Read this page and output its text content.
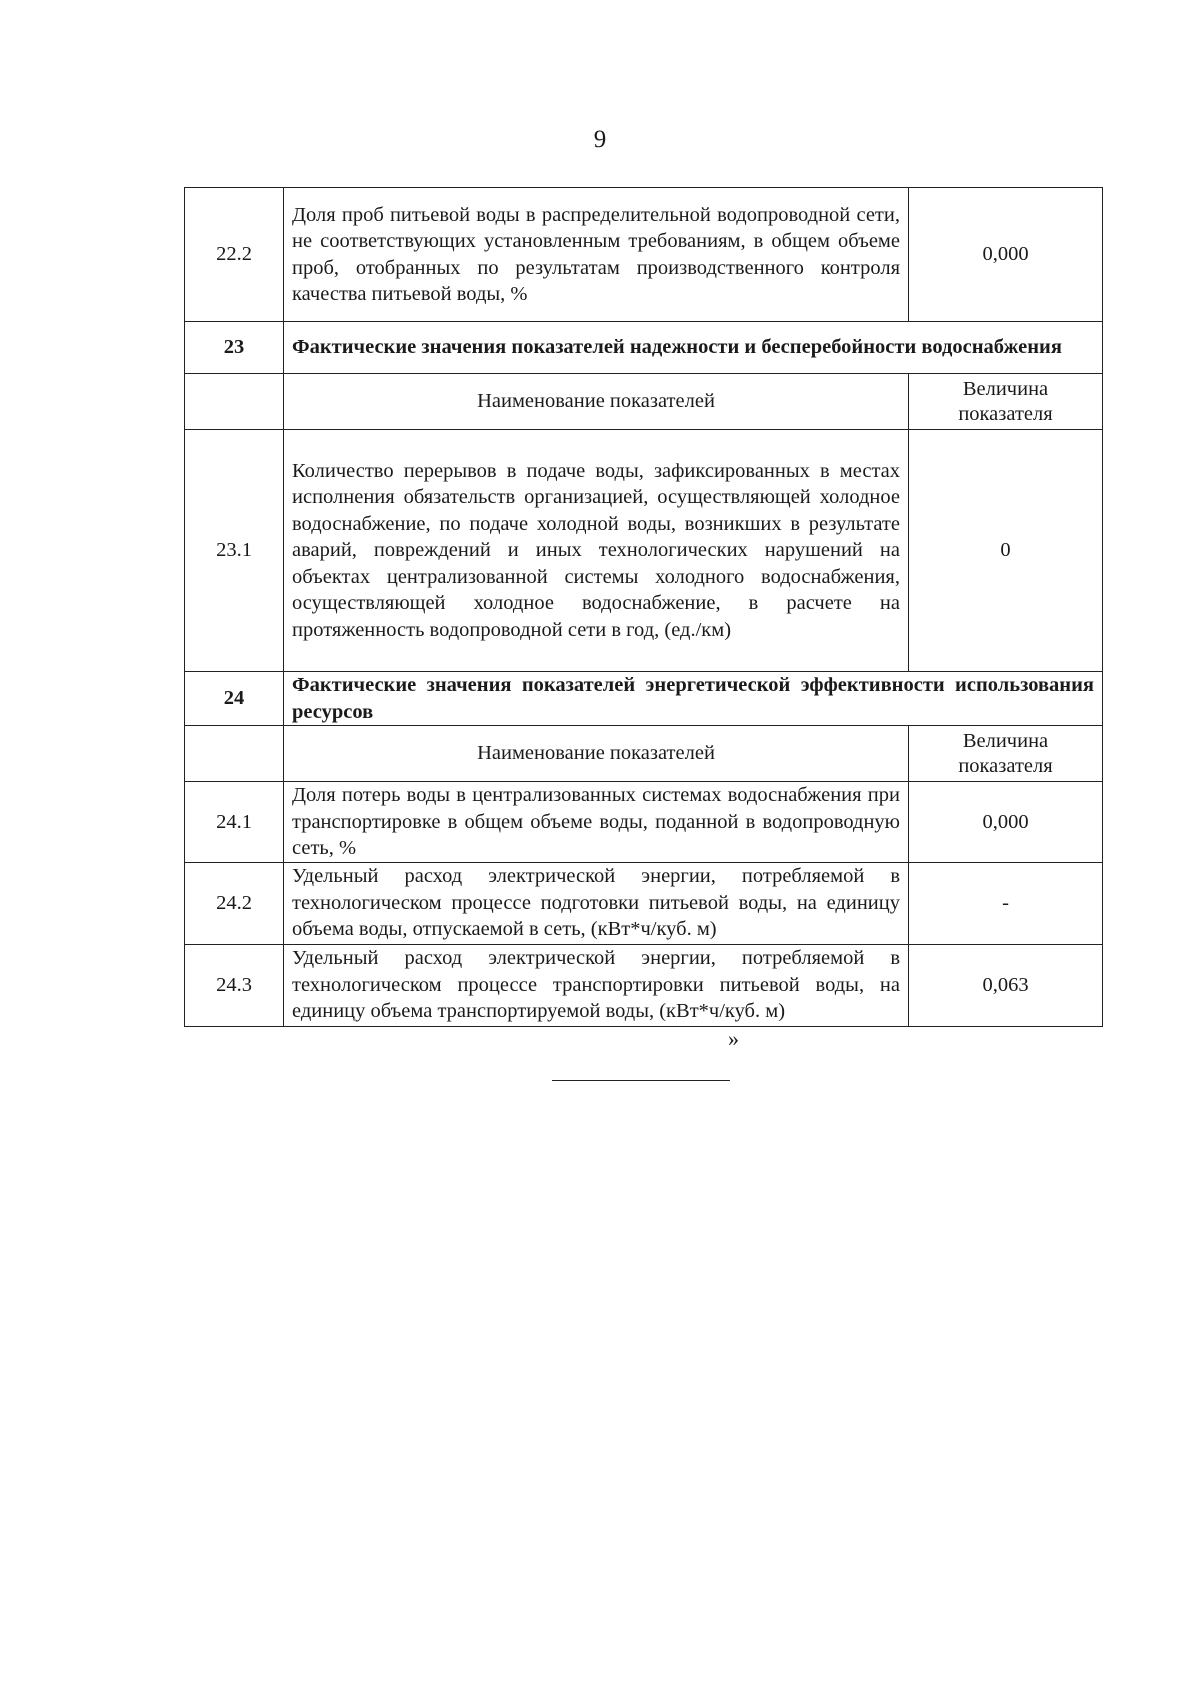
9
22.2	Доля проб питьевой воды в распределительной водопроводной сети, не соответствующих установленным требованиям, в общем объеме проб, отобранных по результатам производственного контроля качества питьевой воды, %	0,000
23	Фактические значения показателей надежности и бесперебойности водоснабжения	
	Наименование показателей	Величина показателя
23.1	Количество перерывов в подаче воды, зафиксированных в местах исполнения обязательств организацией, осуществляющей холодное водоснабжение, по подаче холодной воды, возникших в результате аварий, повреждений и иных технологических нарушений на объектах централизованной системы холодного водоснабжения, осуществляющей холодное водоснабжение, в расчете на протяженность водопроводной сети в год, (ед./км)	0
24	Фактические значения показателей энергетической эффективности использования ресурсов	
	Наименование показателей	Величина показателя
24.1	Доля потерь воды в централизованных системах водоснабжения при транспортировке в общем объеме воды, поданной в водопроводную сеть, %	0,000
24.2	Удельный расход электрической энергии, потребляемой в технологическом процессе подготовки питьевой воды, на единицу объема воды, отпускаемой в сеть, (кВт*ч/куб. м)	-
24.3	Удельный расход электрической энергии, потребляемой в технологическом процессе транспортировки питьевой воды, на единицу объема транспортируемой воды, (кВт*ч/куб. м)	0,063
»
